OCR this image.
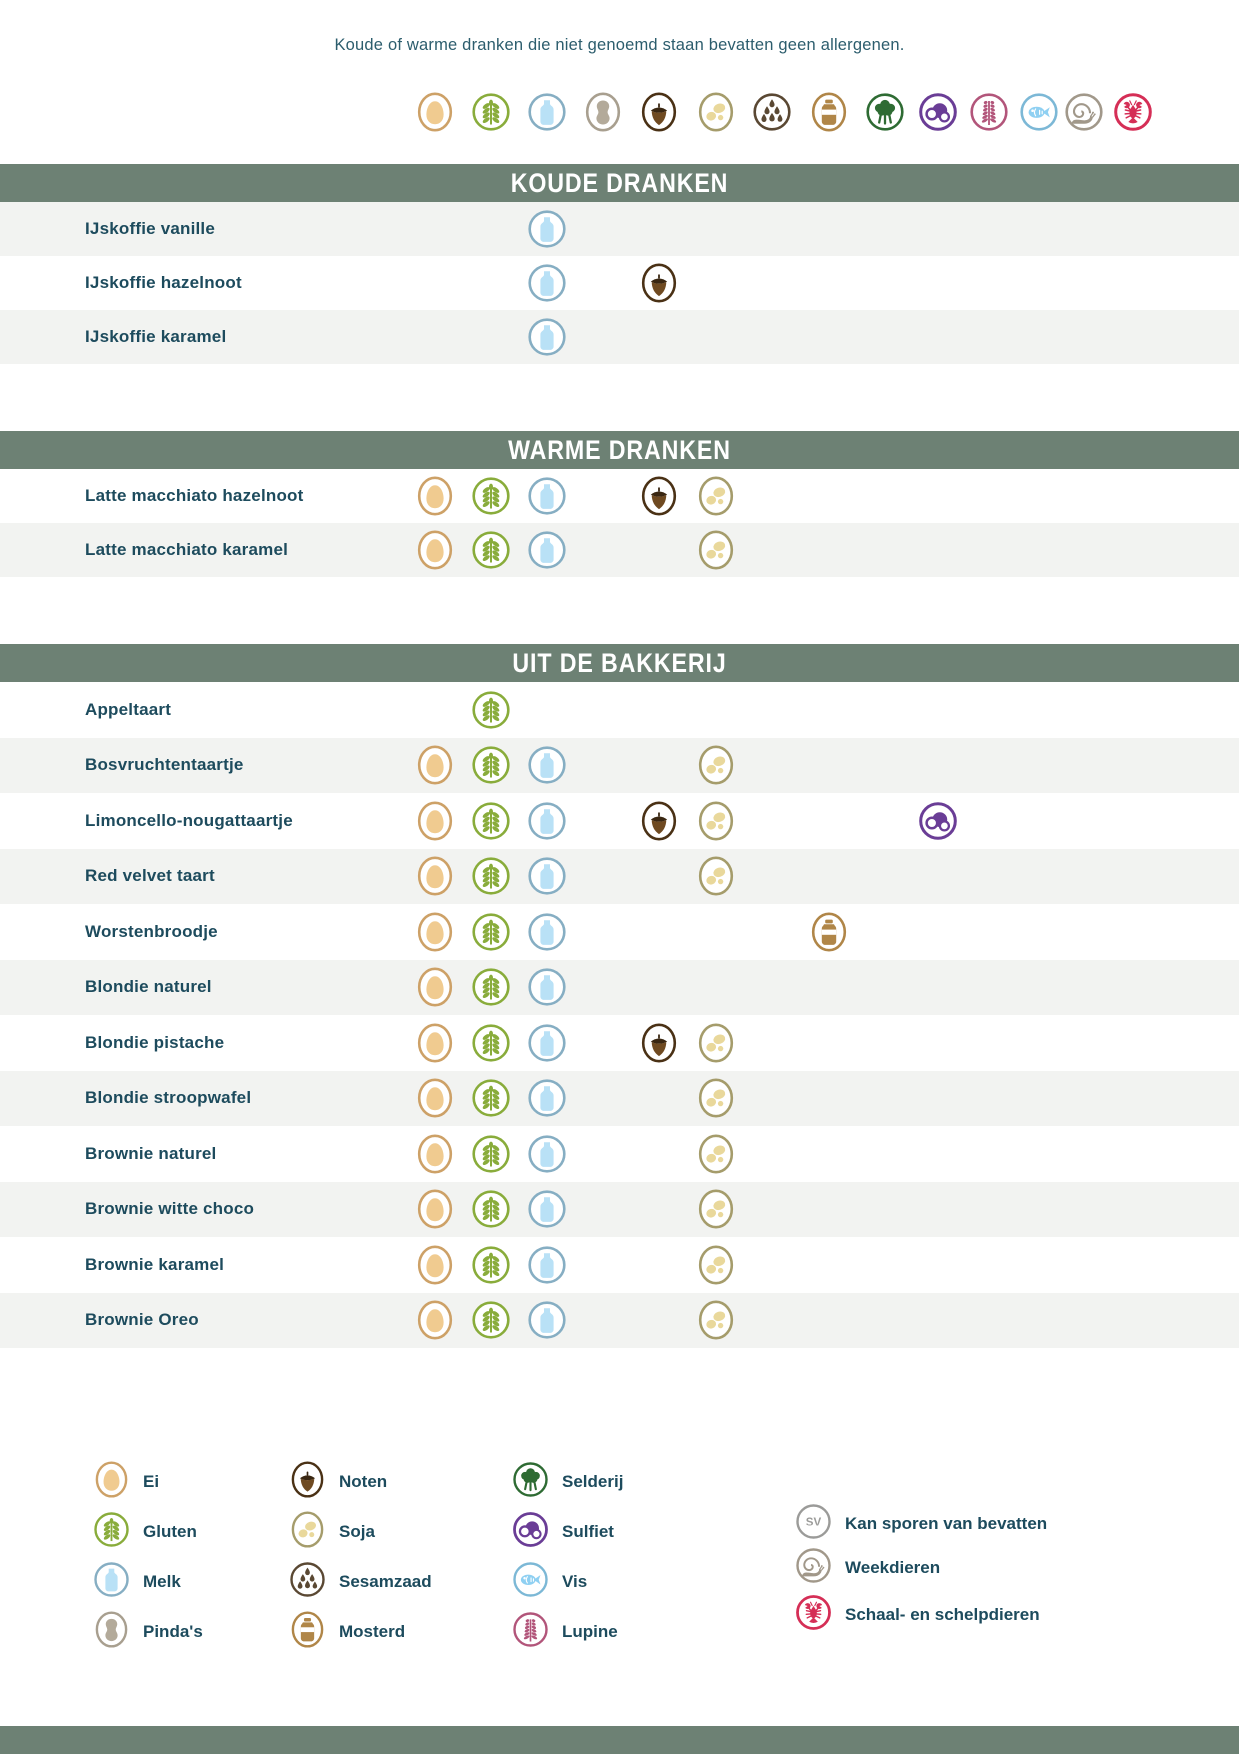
Koude of warme dranken die niet genoemd staan bevatten geen allergenen.
KOUDE DRANKEN
IJskoffie vanille
IJskoffie hazelnoot
IJskoffie karamel
WARME DRANKEN
Latte macchiato hazelnoot
Latte macchiato karamel
UIT DE BAKKERIJ
Appeltaart
Bosvruchtentaartje
Limoncello-nougattaartje
Red velvet taart
Worstenbroodje
Blondie naturel
Blondie pistache
Blondie stroopwafel
Brownie naturel
Brownie witte choco
Brownie karamel
Brownie Oreo
Ei
Gluten
Melk
Pinda's
Noten
Soja
Sesamzaad
Mosterd
Selderij
Sulfiet
Vis
Lupine
SV Kan sporen van bevatten
Weekdieren
Schaal- en schelpdieren
